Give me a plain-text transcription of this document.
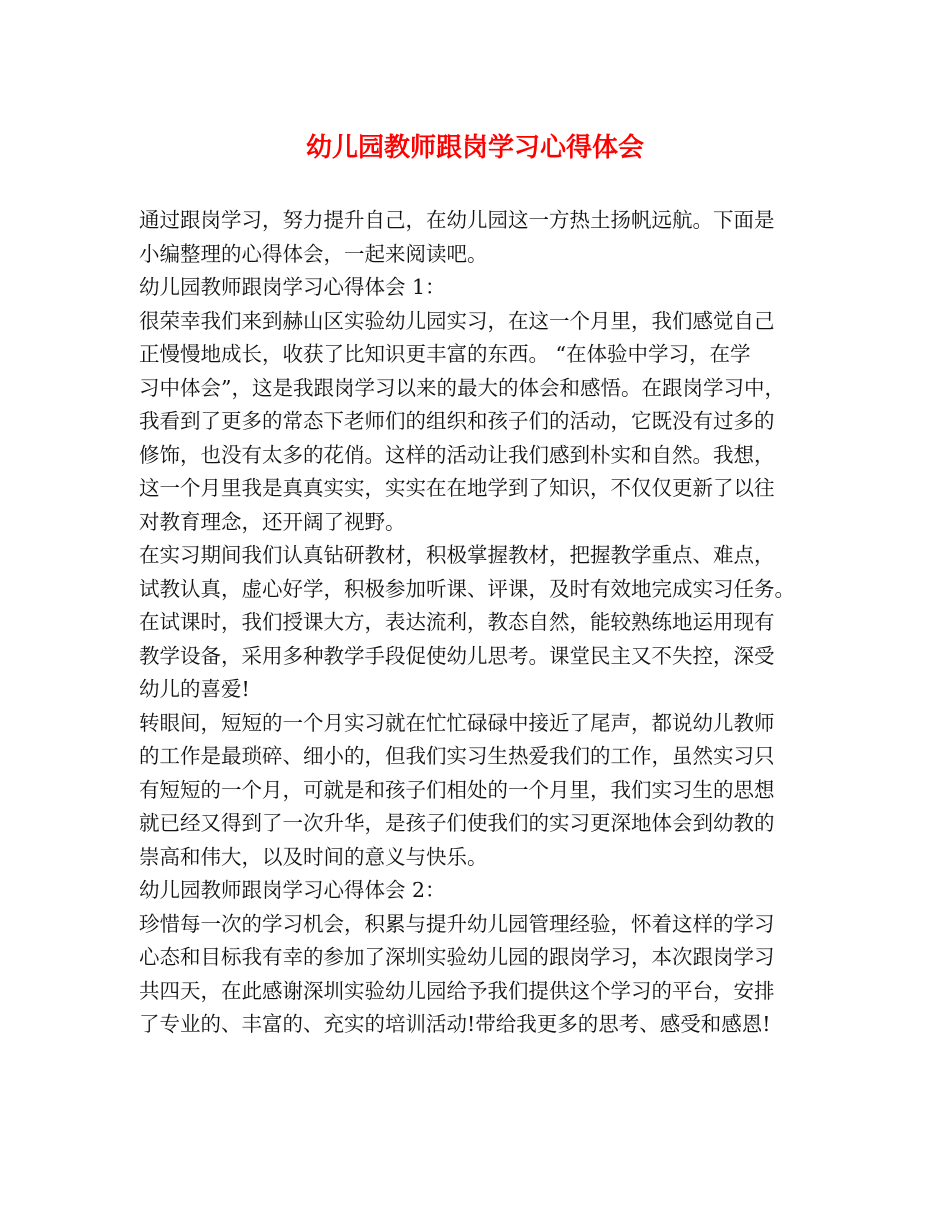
幼儿园教师跟岗学习心得体会
通过跟岗学习，努力提升自己，在幼儿园这一方热土扬帆远航。下面是
小编整理的心得体会，一起来阅读吧。
幼儿园教师跟岗学习心得体会 1：
很荣幸我们来到赫山区实验幼儿园实习，在这一个月里，我们感觉自己
正慢慢地成长，收获了比知识更丰富的东西。 “在体验中学习，在学
习中体会”，这是我跟岗学习以来的最大的体会和感悟。在跟岗学习中，
我看到了更多的常态下老师们的组织和孩子们的活动，它既没有过多的
修饰，也没有太多的花俏。这样的活动让我们感到朴实和自然。我想，
这一个月里我是真真实实，实实在在地学到了知识，不仅仅更新了以往
对教育理念，还开阔了视野。
在实习期间我们认真钻研教材，积极掌握教材，把握教学重点、难点，
试教认真，虚心好学，积极参加听课、评课，及时有效地完成实习任务。
在试课时，我们授课大方，表达流利，教态自然，能较熟练地运用现有
教学设备，采用多种教学手段促使幼儿思考。课堂民主又不失控，深受
幼儿的喜爱!
转眼间，短短的一个月实习就在忙忙碌碌中接近了尾声，都说幼儿教师
的工作是最琐碎、细小的，但我们实习生热爱我们的工作，虽然实习只
有短短的一个月，可就是和孩子们相处的一个月里，我们实习生的思想
就已经又得到了一次升华，是孩子们使我们的实习更深地体会到幼教的
崇高和伟大，以及时间的意义与快乐。
幼儿园教师跟岗学习心得体会 2：
珍惜每一次的学习机会，积累与提升幼儿园管理经验，怀着这样的学习
心态和目标我有幸的参加了深圳实验幼儿园的跟岗学习，本次跟岗学习
共四天，在此感谢深圳实验幼儿园给予我们提供这个学习的平台，安排
了专业的、丰富的、充实的培训活动!带给我更多的思考、感受和感恩!
